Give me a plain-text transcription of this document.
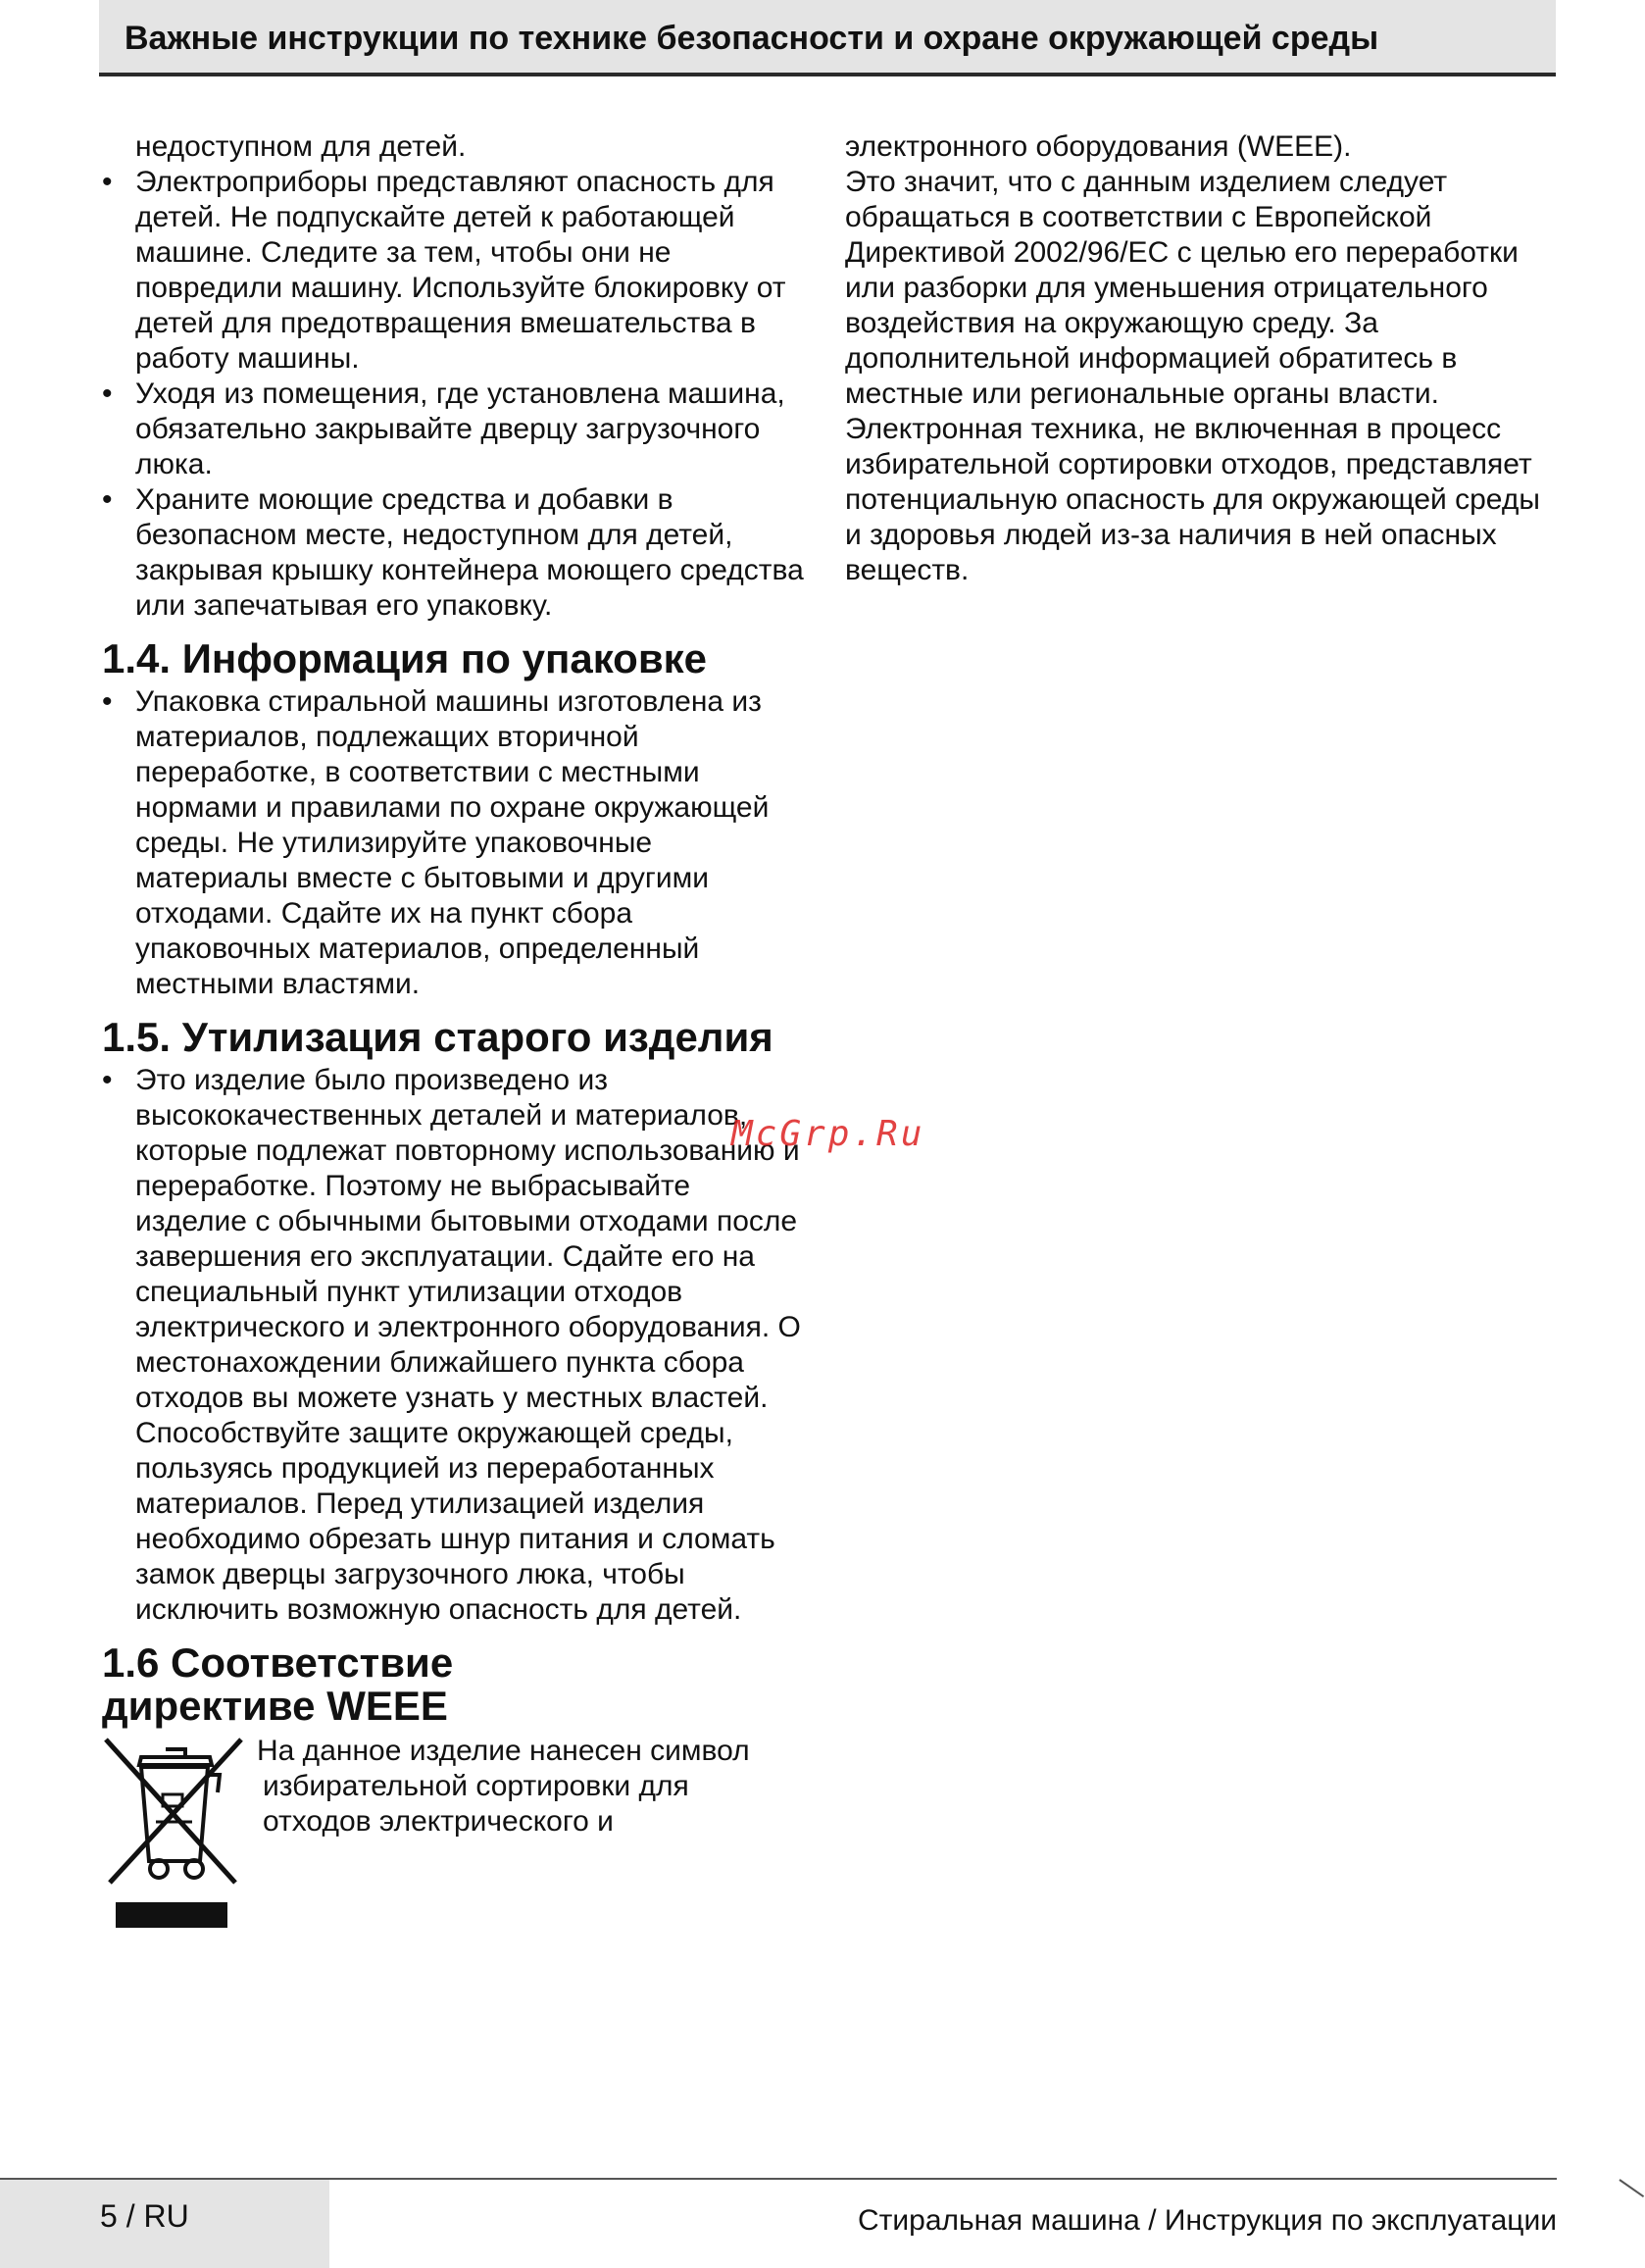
Важные инструкции по технике безопасности и охране окружающей среды

недоступном для детей.

• Электроприборы представляют опасность для детей. Не подпускайте детей к работающей машине. Следите за тем, чтобы они не повредили машину. Используйте блокировку от детей для предотвращения вмешательства в работу машины.
• Уходя из помещения, где установлена машина, обязательно закрывайте дверцу загрузочного люка.
• Храните моющие средства и добавки в безопасном месте, недоступном для детей, закрывая крышку контейнера моющего средства или запечатывая его упаковку.
1.4. Информация по упаковке
• Упаковка стиральной машины изготовлена из материалов, подлежащих вторичной переработке, в соответствии с местными нормами и правилами по охране окружающей среды. Не утилизируйте упаковочные материалы вместе с бытовыми и другими отходами. Сдайте их на пункт сбора упаковочных материалов, определенный местными властями.
1.5. Утилизация старого изделия
• Это изделие было произведено из высококачественных деталей и материалов, которые подлежат повторному использованию и переработке. Поэтому не выбрасывайте изделие с обычными бытовыми отходами после завершения его эксплуатации. Сдайте его на специальный пункт утилизации отходов электрического и электронного оборудования. О местонахождении ближайшего пункта сбора отходов вы можете узнать у местных властей. Способствуйте защите окружающей среды, пользуясь продукцией из переработанных материалов. Перед утилизацией изделия необходимо обрезать шнур питания и сломать замок дверцы загрузочного люка, чтобы исключить возможную опасность для детей.
1.6 Соответствие
директиве WEEE
На данное изделие нанесен символ
избирательной сортировки для
отходов электрического и

электронного оборудования (WEEE).

Это значит, что с данным изделием следует обращаться в соответствии с Европейской Директивой 2002/96/ЕС с целью его переработки или разборки для уменьшения отрицательного воздействия на окружающую среду. За дополнительной информацией обратитесь в местные или региональные органы власти.

Электронная техника, не включенная в процесс избирательной сортировки отходов, представляет потенциальную опасность для окружающей среды и здоровья людей из-за наличия в ней опасных веществ.

McGrp.Ru
5 / RU	Стиральная машина / Инструкция по эксплуатации
